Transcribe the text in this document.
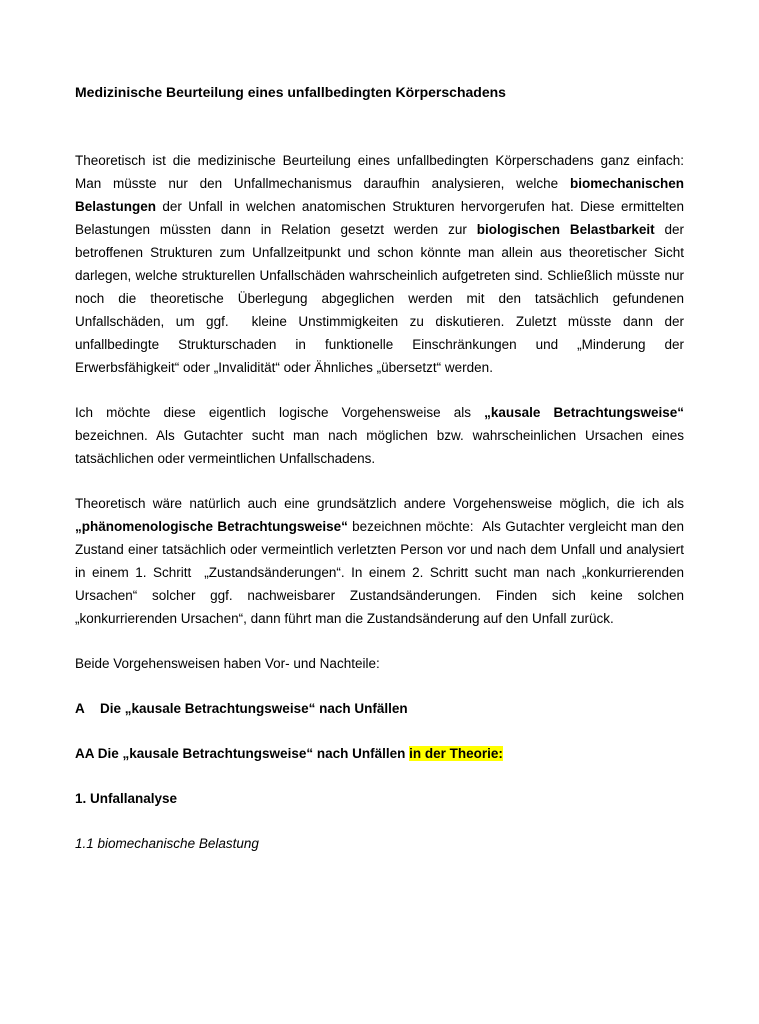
Medizinische Beurteilung eines unfallbedingten Körperschadens

Theoretisch ist die medizinische Beurteilung eines unfallbedingten Körperschadens ganz einfach: Man müsste nur den Unfallmechanismus daraufhin analysieren, welche biomechanischen Belastungen der Unfall in welchen anatomischen Strukturen hervorgerufen hat. Diese ermittelten Belastungen müssten dann in Relation gesetzt werden zur biologischen Belastbarkeit der betroffenen Strukturen zum Unfallzeitpunkt und schon könnte man allein aus theoretischer Sicht darlegen, welche strukturellen Unfallschäden wahrscheinlich aufgetreten sind. Schließlich müsste nur noch die theoretische Überlegung abgeglichen werden mit den tatsächlich gefundenen Unfallschäden, um ggf.  kleine Unstimmigkeiten zu diskutieren. Zuletzt müsste dann der unfallbedingte Strukturschaden in funktionelle Einschränkungen und „Minderung der Erwerbsfähigkeit“ oder „Invalidität“ oder Ähnliches „übersetzt“ werden.

Ich möchte diese eigentlich logische Vorgehensweise als „kausale Betrachtungsweise“ bezeichnen. Als Gutachter sucht man nach möglichen bzw. wahrscheinlichen Ursachen eines tatsächlichen oder vermeintlichen Unfallschadens.

Theoretisch wäre natürlich auch eine grundsätzlich andere Vorgehensweise möglich, die ich als „phänomenologische Betrachtungsweise“ bezeichnen möchte:  Als Gutachter vergleicht man den Zustand einer tatsächlich oder vermeintlich verletzten Person vor und nach dem Unfall und analysiert in einem 1. Schritt  „Zustandsänderungen“. In einem 2. Schritt sucht man nach „konkurrierenden Ursachen“ solcher ggf. nachweisbarer Zustandsänderungen. Finden sich keine solchen „konkurrierenden Ursachen“, dann führt man die Zustandsänderung auf den Unfall zurück.

Beide Vorgehensweisen haben Vor- und Nachteile:

A Die „kausale Betrachtungsweise“ nach Unfällen

AA Die „kausale Betrachtungsweise“ nach Unfällen in der Theorie:

1. Unfallanalyse

1.1 biomechanische Belastung
